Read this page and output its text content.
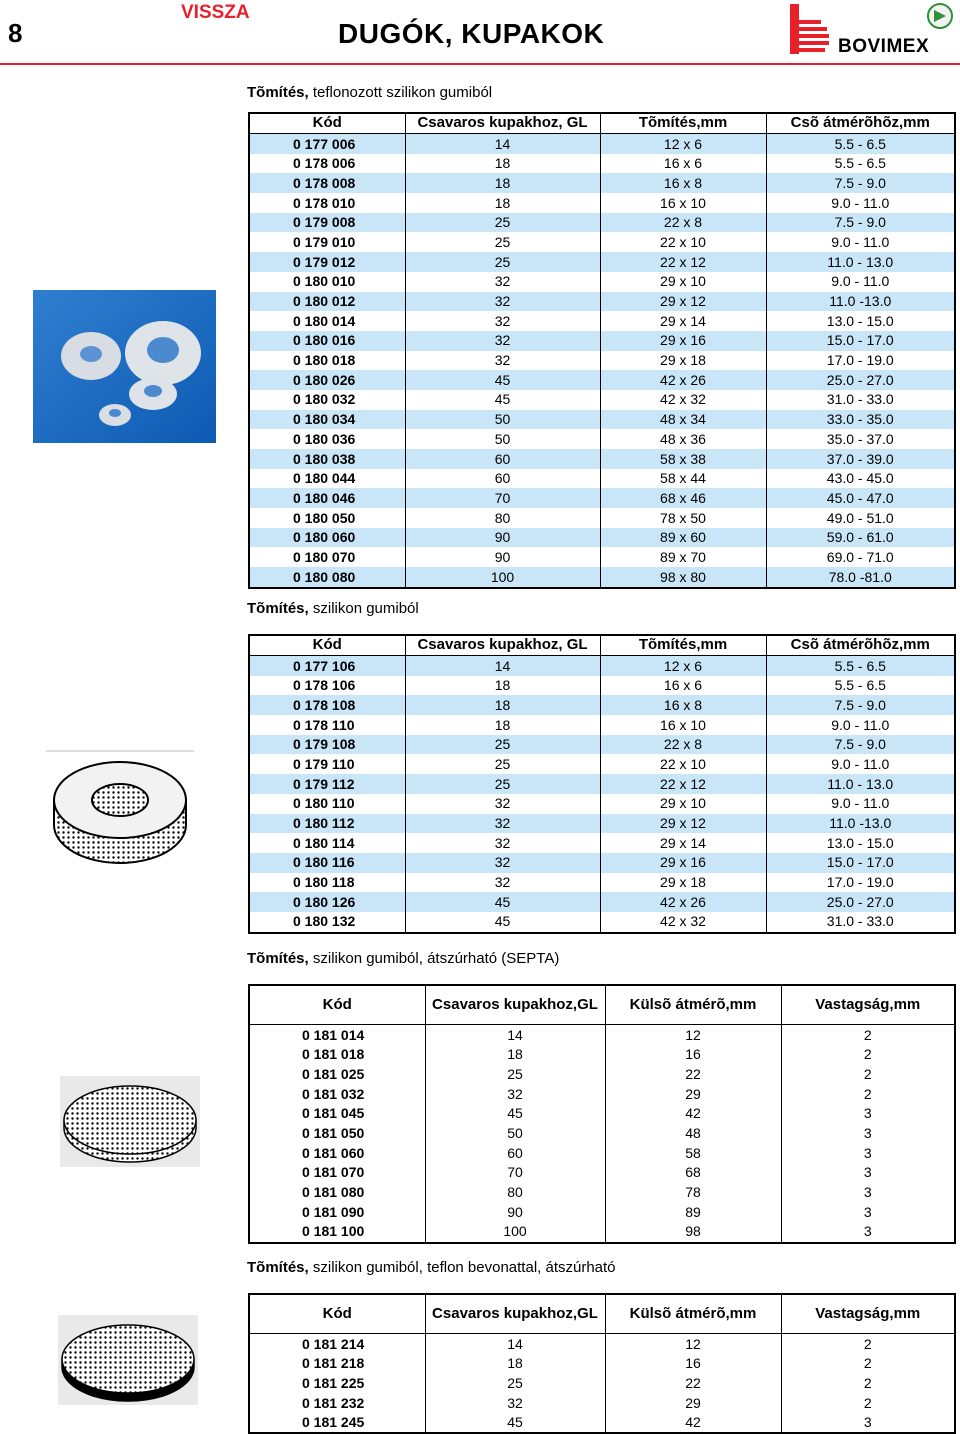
8
VISSZA
DUGÓK, KUPAKOK	BOVIMEX
Tõmítés, teflonozott szilikon gumiból
Kód	Csavaros kupakhoz, GL	Tõmítés,mm	Csõ átmérõhõz,mm
0 177 006	14	12 x 6	5.5 - 6.5
0 178 006	18	16 x 6	5.5 - 6.5
0 178 008	18	16 x 8	7.5 - 9.0
0 178 010	18	16 x 10	9.0 - 11.0
0 179 008	25	22 x 8	7.5 - 9.0
0 179 010	25	22 x 10	9.0 - 11.0
0 179 012	25	22 x 12	11.0 - 13.0
0 180 010	32	29 x 10	9.0 - 11.0
0 180 012	32	29 x 12	11.0 -13.0
0 180 014	32	29 x 14	13.0 - 15.0
0 180 016	32	29 x 16	15.0 - 17.0
0 180 018	32	29 x 18	17.0 - 19.0
0 180 026	45	42 x 26	25.0 - 27.0
0 180 032	45	42 x 32	31.0 - 33.0
0 180 034	50	48 x 34	33.0 - 35.0
0 180 036	50	48 x 36	35.0 - 37.0
0 180 038	60	58 x 38	37.0 - 39.0
0 180 044	60	58 x 44	43.0 - 45.0
0 180 046	70	68 x 46	45.0 - 47.0
0 180 050	80	78 x 50	49.0 - 51.0
0 180 060	90	89 x 60	59.0 - 61.0
0 180 070	90	89 x 70	69.0 - 71.0
0 180 080	100	98 x 80	78.0 -81.0
Tõmítés, szilikon gumiból
Kód	Csavaros kupakhoz, GL	Tõmítés,mm	Csõ átmérõhõz,mm
0 177 106	14	12 x 6	5.5 - 6.5
0 178 106	18	16 x 6	5.5 - 6.5
0 178 108	18	16 x 8	7.5 - 9.0
0 178 110	18	16 x 10	9.0 - 11.0
0 179 108	25	22 x 8	7.5 - 9.0
0 179 110	25	22 x 10	9.0 - 11.0
0 179 112	25	22 x 12	11.0 - 13.0
0 180 110	32	29 x 10	9.0 - 11.0
0 180 112	32	29 x 12	11.0 -13.0
0 180 114	32	29 x 14	13.0 - 15.0
0 180 116	32	29 x 16	15.0 - 17.0
0 180 118	32	29 x 18	17.0 - 19.0
0 180 126	45	42 x 26	25.0 - 27.0
0 180 132	45	42 x 32	31.0 - 33.0
Tõmítés, szilikon gumiból, átszúrható (SEPTA)
Kód	Csavaros kupakhoz,GL	Külsõ átmérõ,mm	Vastagság,mm
0 181 014	14	12	2
0 181 018	18	16	2
0 181 025	25	22	2
0 181 032	32	29	2
0 181 045	45	42	3
0 181 050	50	48	3
0 181 060	60	58	3
0 181 070	70	68	3
0 181 080	80	78	3
0 181 090	90	89	3
0 181 100	100	98	3
Tõmítés, szilikon gumiból, teflon bevonattal, átszúrható
Kód	Csavaros kupakhoz,GL	Külsõ átmérõ,mm	Vastagság,mm
0 181 214	14	12	2
0 181 218	18	16	2
0 181 225	25	22	2
0 181 232	32	29	2
0 181 245	45	42	3
